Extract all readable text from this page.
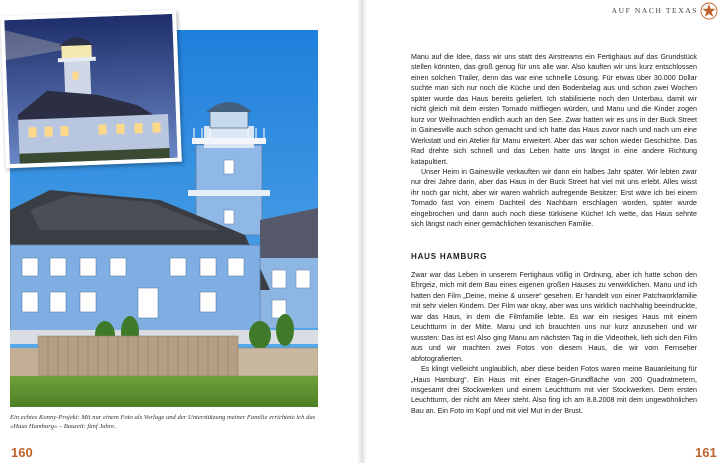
Ein echtes Konny-Projekt: Mit nur einem Foto als Vorlage und der Unterstützung meiner Familie errichtete ich das »Haus Hamburg« – Bauzeit: fünf Jahre.
160
AUF NACH TEXAS

Manu auf die Idee, dass wir uns statt des Airstreams ein Fertighaus auf das Grundstück stellen könnten, das groß genug für uns alle war. Also kauften wir uns kurz entschlossen einen solchen Trailer, denn das war eine schnelle Lösung. Für etwas über 30.000 Dollar suchte man sich nur noch die Küche und den Bodenbelag aus und schon zwei Wochen später wurde das Haus bereits geliefert. Ich stabilisierte noch den Unterbau, damit wir nicht gleich mit dem ersten Tornado mitfliegen würden, und Manu und die Kinder zogen kurz vor Weihnachten endlich auch an den See. Zwar hatten wir es uns in der Buck Street in Gainesville auch schon gemacht und ich hatte das Haus zuvor nach und nach um eine Werkstatt und ein Atelier für Manu erweitert. Aber das war schon wieder Geschichte. Das Rad drehte sich schnell und das Leben hatte uns längst in eine andere Richtung katapultiert.

Unser Heim in Gainesville verkauften wir dann ein halbes Jahr später. Wir lebten zwar nur drei Jahre darin, aber das Haus in der Buck Street hat viel mit uns erlebt. Alles wisst ihr noch gar nicht, aber wir waren wahrlich aufregende Besitzer: Erst wäre ich bei einem Tornado fast von einem Dachteil des Nachbarn erschlagen worden, später wurde eingebrochen und dann auch noch diese türkisene Küche! Ich wette, das Haus sehnte sich längst nach einer gemächlichen texanischen Familie.

HAUS HAMBURG

Zwar war das Leben in unserem Fertighaus völlig in Ordnung, aber ich hatte schon den Ehrgeiz, mich mit dem Bau eines eigenen großen Hauses zu verwirklichen. Manu und ich hatten den Film „Deine, meine & unsere“ gesehen. Er handelt von einer Patchworkfamilie mit sehr vielen Kindern. Der Film war okay, aber was uns wirklich nachhaltig beeindruckte, war das Haus, in dem die Filmfamilie lebte. Es war ein riesiges Haus mit einem Leuchtturm in der Mitte. Manu und ich brauchten uns nur kurz anzusehen und wir wussten: Das ist es! Also ging Manu am nächsten Tag in die Videothek, lieh sich den Film aus und wir machten zwei Fotos von diesem Haus, die wir vom Fernseher abfotografierten.

Es klingt vielleicht unglaublich, aber diese beiden Fotos waren meine Bauanleitung für „Haus Hamburg“. Ein Haus mit einer Etagen-Grundfläche von 200 Quadratmetern, insgesamt drei Stockwerken und einem Leuchtturm mit vier Stockwerken. Dem ersten Leuchtturm, der nicht am Meer steht. Also fing ich am 8.8.2008 mit dem ungewöhnlichen Bau an. Ein Foto im Kopf und mit viel Mut in der Brust.

161
